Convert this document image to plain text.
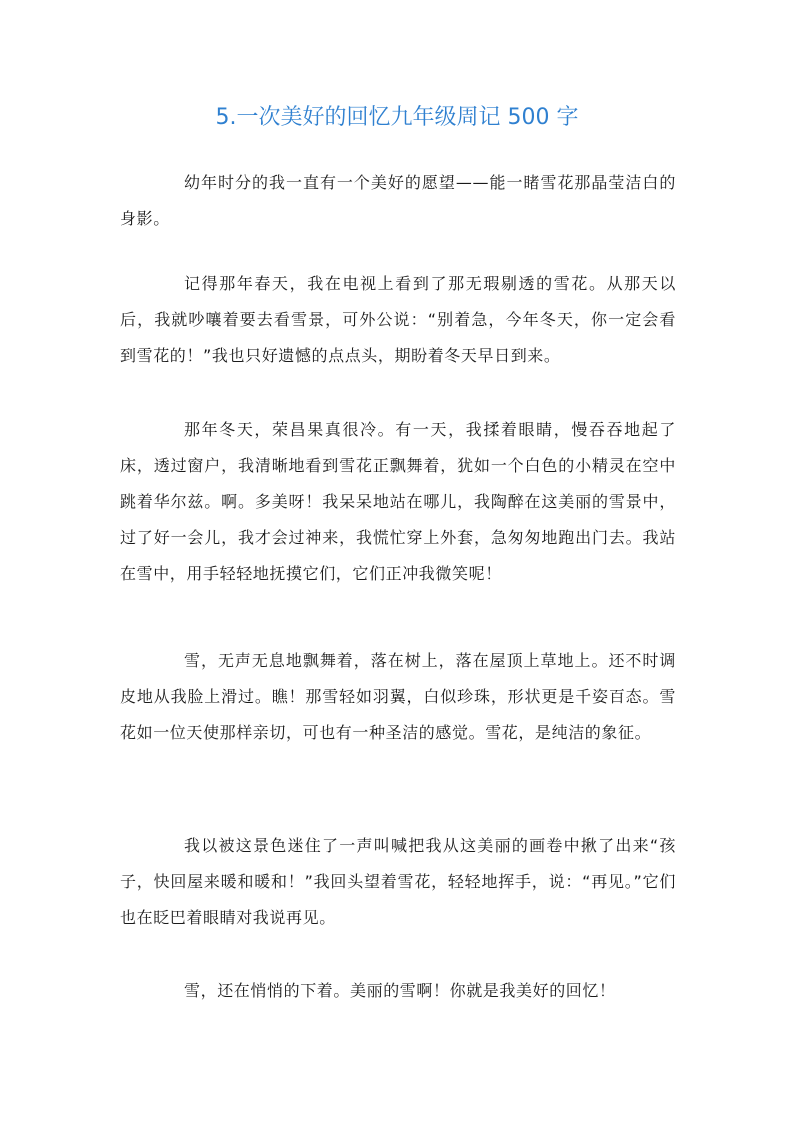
5.一次美好的回忆九年级周记 500 字

幼年时分的我一直有一个美好的愿望——能一睹雪花那晶莹洁白的身影。

记得那年春天，我在电视上看到了那无瑕剔透的雪花。从那天以后，我就吵嚷着要去看雪景，可外公说：“别着急，今年冬天，你一定会看到雪花的！”我也只好遗憾的点点头，期盼着冬天早日到来。

那年冬天，荣昌果真很冷。有一天，我揉着眼睛，慢吞吞地起了床，透过窗户，我清晰地看到雪花正飘舞着，犹如一个白色的小精灵在空中跳着华尔兹。啊。多美呀！我呆呆地站在哪儿，我陶醉在这美丽的雪景中，过了好一会儿，我才会过神来，我慌忙穿上外套，急匆匆地跑出门去。我站在雪中，用手轻轻地抚摸它们，它们正冲我微笑呢！

雪，无声无息地飘舞着，落在树上，落在屋顶上草地上。还不时调皮地从我脸上滑过。瞧！那雪轻如羽翼，白似珍珠，形状更是千姿百态。雪花如一位天使那样亲切，可也有一种圣洁的感觉。雪花，是纯洁的象征。

我以被这景色迷住了一声叫喊把我从这美丽的画卷中揪了出来“孩子，快回屋来暖和暖和！”我回头望着雪花，轻轻地挥手，说：“再见。”它们也在眨巴着眼睛对我说再见。

雪，还在悄悄的下着。美丽的雪啊！你就是我美好的回忆！
